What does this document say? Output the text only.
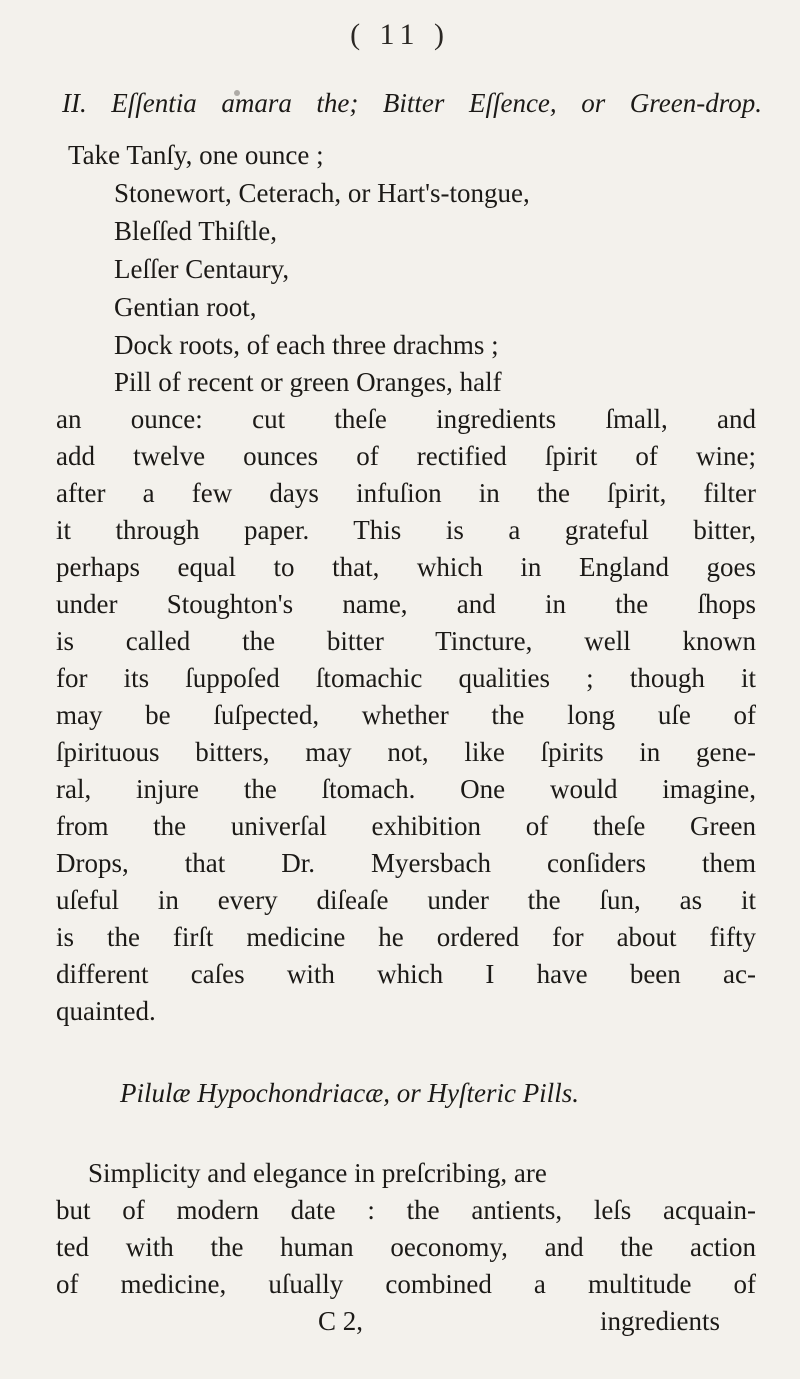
( 11 )
II. Eſſentia amara the; Bitter Eſſence, or Green-drop.
Take Tanſy, one ounce ;
Stonewort, Ceterach, or Hart's-tongue,
Bleſſed Thiſtle,
Leſſer Centaury,
Gentian root,
Dock roots, of each three drachms ;
Pill of recent or green Oranges, half
an ounce: cut theſe ingredients ſmall, and
add twelve ounces of rectified ſpirit of wine;
after a few days infuſion in the ſpirit, filter
it through paper. This is a grateful bitter,
perhaps equal to that, which in England goes
under Stoughton's name, and in the ſhops
is called the bitter Tincture, well known
for its ſuppoſed ſtomachic qualities ; though it
may be ſuſpected, whether the long uſe of
ſpirituous bitters, may not, like ſpirits in gene-
ral, injure the ſtomach. One would imagine,
from the univerſal exhibition of theſe Green
Drops, that Dr. Myersbach conſiders them
uſeful in every diſeaſe under the ſun, as it
is the firſt medicine he ordered for about fifty
different caſes with which I have been ac-
quainted.
Pilulæ Hypochondriacæ, or Hyſteric Pills.
Simplicity and elegance in preſcribing, are
but of modern date : the antients, leſs acquain-
ted with the human oeconomy, and the action
of medicine, uſually combined a multitude of
C 2,	ingredients
